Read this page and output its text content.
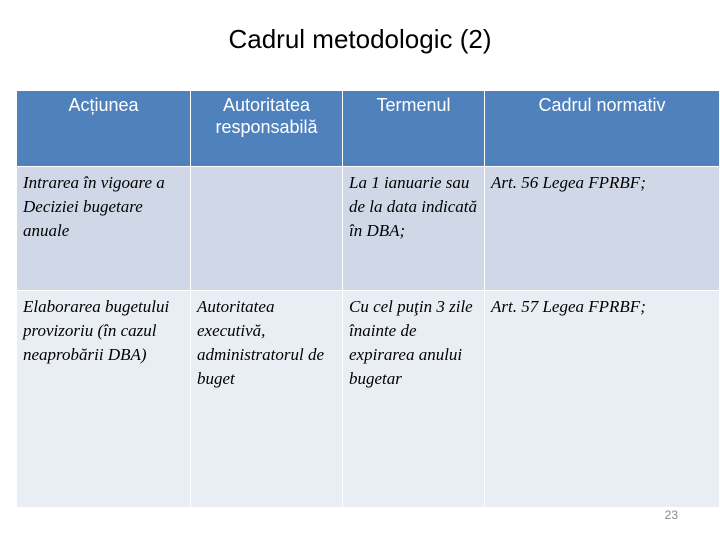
Cadrul metodologic (2)
Acțiunea	Autoritatea responsabilă	Termenul	Cadrul normativ
Intrarea în vigoare a Deciziei bugetare anuale		La 1 ianuarie sau de la data indicată în DBA;	Art. 56 Legea FPRBF;
Elaborarea bugetului provizoriu (în cazul neaprobării DBA)	Autoritatea executivă, administratorul de buget	Cu cel puţin 3 zile înainte de expirarea anului bugetar	Art. 57 Legea FPRBF;
23
